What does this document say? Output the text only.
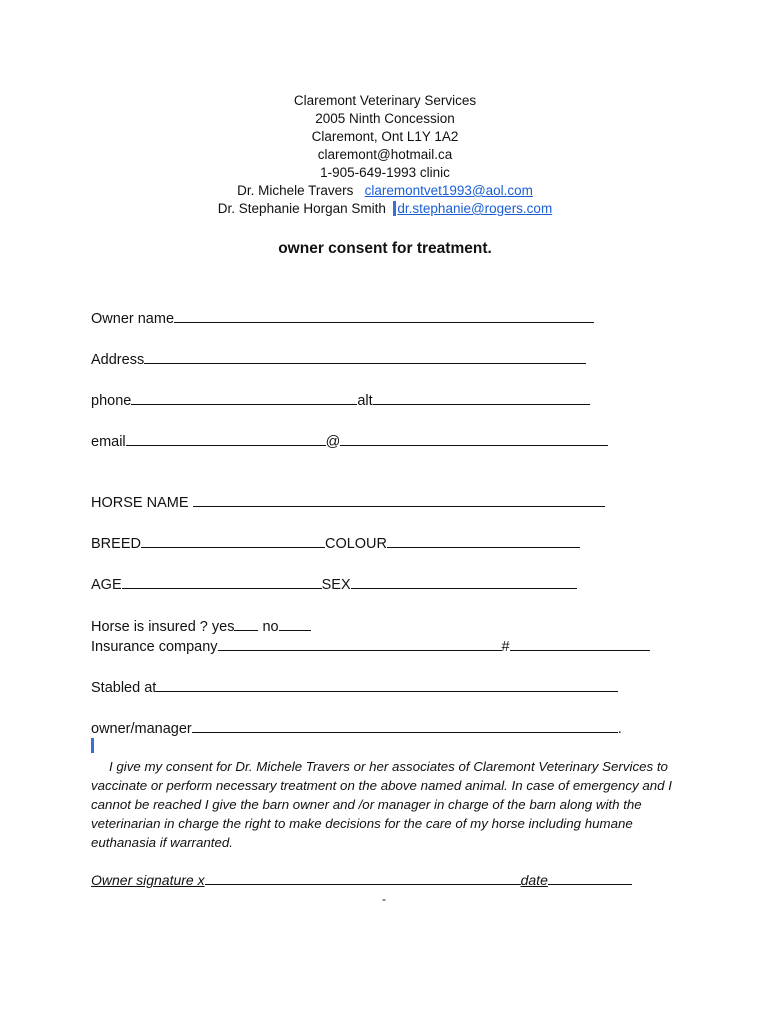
Claremont Veterinary Services
2005 Ninth Concession
Claremont, Ont L1Y 1A2
claremont@hotmail.ca
1-905-649-1993 clinic
Dr. Michele Travers claremontvet1993@aol.com
Dr. Stephanie Horgan Smith dr.stephanie@rogers.com
owner consent for treatment.
Owner name
Address
phone	alt
email	@
HORSE NAME
BREED	COLOUR
AGE	SEX
Horse is insured ? yes no
Insurance company	#
Stabled at
owner/manager	.
I give my consent for Dr. Michele Travers or her associates of Claremont Veterinary Services to vaccinate or perform necessary treatment on the above named animal. In case of emergency and I cannot be reached I give the barn owner and /or manager in charge of the barn along with the veterinarian in charge the right to make decisions for the care of my horse including humane euthanasia if warranted.
Owner signature x	date
-
